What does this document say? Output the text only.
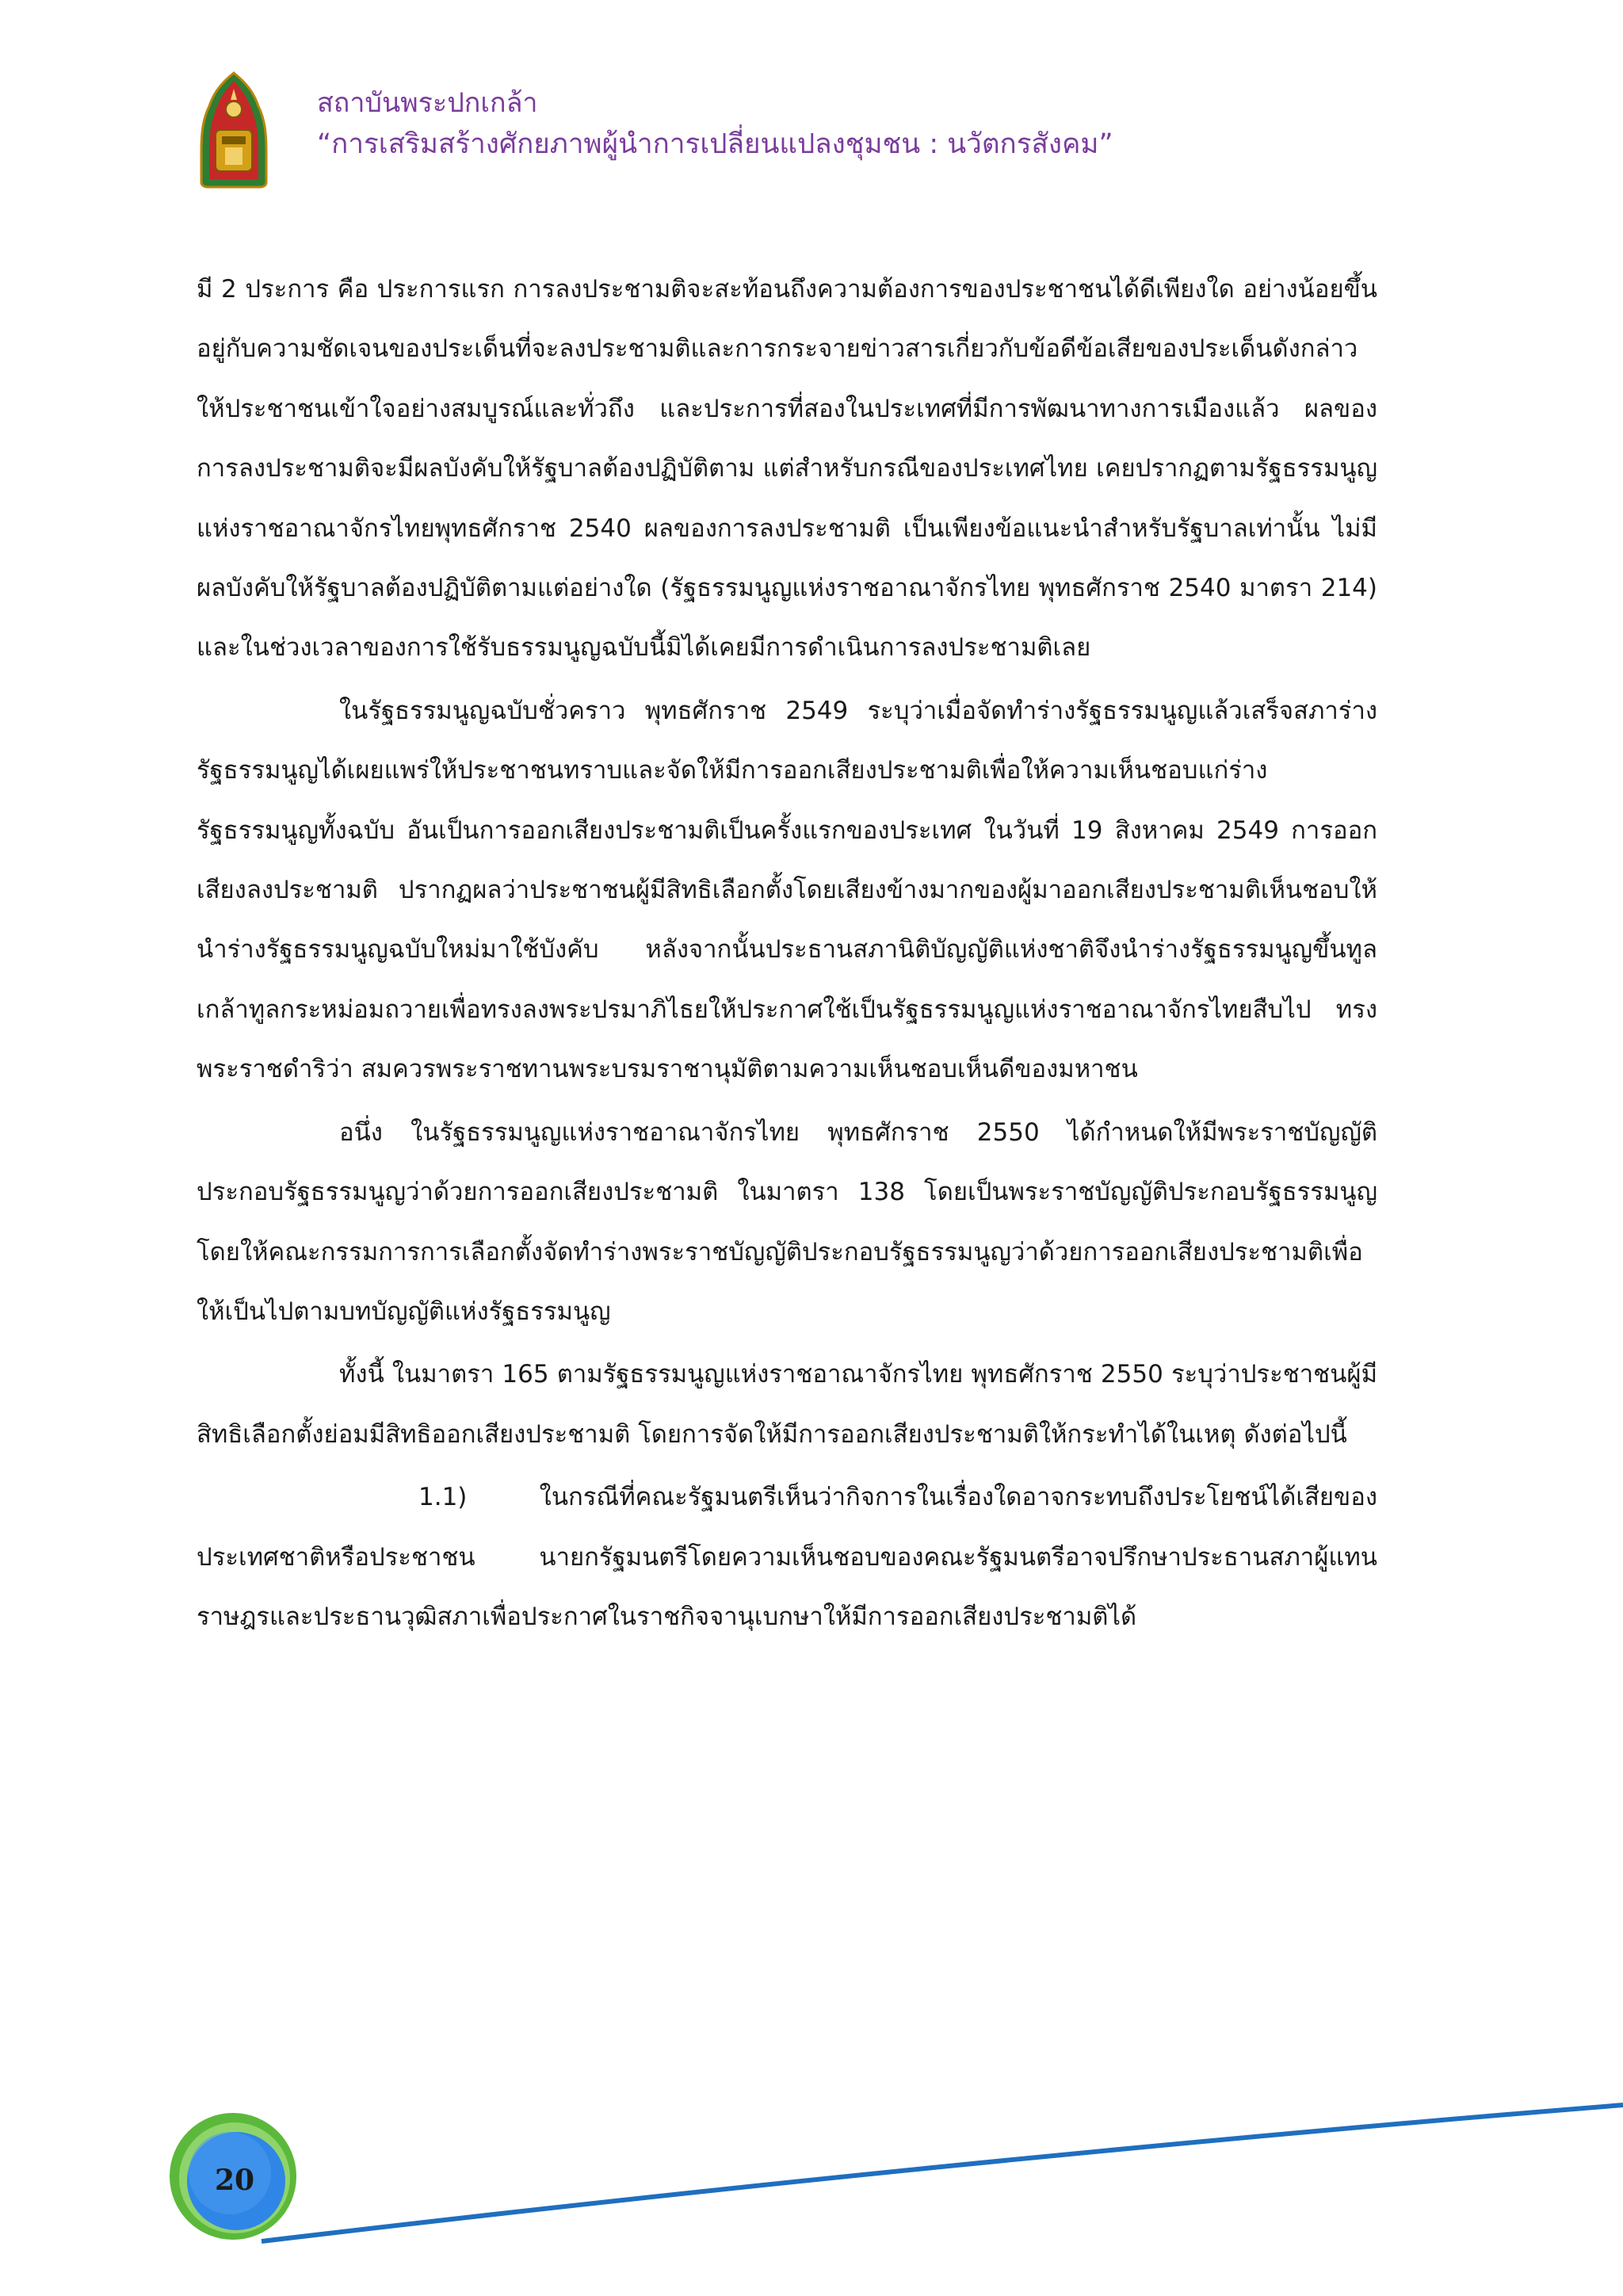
สถาบันพระปกเกล้า

“การเสริมสร้างศักยภาพผู้นำการเปลี่ยนแปลงชุมชน : นวัตกรสังคม”

มี 2 ประการ คือ ประการแรก การลงประชามติจะสะท้อนถึงความต้องการของประชาชนได้ดีเพียงใด อย่างน้อยขึ้นอยู่กับความชัดเจนของประเด็นที่จะลงประชามติและการกระจายข่าวสารเกี่ยวกับข้อดีข้อเสียของประเด็นดังกล่าวให้ประชาชนเข้าใจอย่างสมบูรณ์และทั่วถึง และประการที่สองในประเทศที่มีการพัฒนาทางการเมืองแล้ว ผลของการลงประชามติจะมีผลบังคับให้รัฐบาลต้องปฏิบัติตาม แต่สำหรับกรณีของประเทศไทย เคยปรากฏตามรัฐธรรมนูญแห่งราชอาณาจักรไทยพุทธศักราช 2540 ผลของการลงประชามติ เป็นเพียงข้อแนะนำสำหรับรัฐบาลเท่านั้น ไม่มีผลบังคับให้รัฐบาลต้องปฏิบัติตามแต่อย่างใด (รัฐธรรมนูญแห่งราชอาณาจักรไทย พุทธศักราช 2540 มาตรา 214) และในช่วงเวลาของการใช้รับธรรมนูญฉบับนี้มิได้เคยมีการดำเนินการลงประชามติเลย

ในรัฐธรรมนูญฉบับชั่วคราว พุทธศักราช 2549 ระบุว่าเมื่อจัดทำร่างรัฐธรรมนูญแล้วเสร็จสภาร่างรัฐธรรมนูญได้เผยแพร่ให้ประชาชนทราบและจัดให้มีการออกเสียงประชามติเพื่อให้ความเห็นชอบแก่ร่างรัฐธรรมนูญทั้งฉบับ อันเป็นการออกเสียงประชามติเป็นครั้งแรกของประเทศ ในวันที่ 19 สิงหาคม 2549 การออกเสียงลงประชามติ ปรากฏผลว่าประชาชนผู้มีสิทธิเลือกตั้งโดยเสียงข้างมากของผู้มาออกเสียงประชามติเห็นชอบให้นำร่างรัฐธรรมนูญฉบับใหม่มาใช้บังคับ หลังจากนั้นประธานสภานิติบัญญัติแห่งชาติจึงนำร่างรัฐธรรมนูญขึ้นทูลเกล้าทูลกระหม่อมถวายเพื่อทรงลงพระปรมาภิไธยให้ประกาศใช้เป็นรัฐธรรมนูญแห่งราชอาณาจักรไทยสืบไป ทรงพระราชดำริว่า สมควรพระราชทานพระบรมราชานุมัติตามความเห็นชอบเห็นดีของมหาชน

อนึ่ง ในรัฐธรรมนูญแห่งราชอาณาจักรไทย พุทธศักราช 2550 ได้กำหนดให้มีพระราชบัญญัติประกอบรัฐธรรมนูญว่าด้วยการออกเสียงประชามติ ในมาตรา 138 โดยเป็นพระราชบัญญัติประกอบรัฐธรรมนูญ โดยให้คณะกรรมการการเลือกตั้งจัดทำร่างพระราชบัญญัติประกอบรัฐธรรมนูญว่าด้วยการออกเสียงประชามติเพื่อให้เป็นไปตามบทบัญญัติแห่งรัฐธรรมนูญ

ทั้งนี้ ในมาตรา 165 ตามรัฐธรรมนูญแห่งราชอาณาจักรไทย พุทธศักราช 2550 ระบุว่าประชาชนผู้มีสิทธิเลือกตั้งย่อมมีสิทธิออกเสียงประชามติ โดยการจัดให้มีการออกเสียงประชามติให้กระทำได้ในเหตุ ดังต่อไปนี้

1.1) ในกรณีที่คณะรัฐมนตรีเห็นว่ากิจการในเรื่องใดอาจกระทบถึงประโยชน์ได้เสียของประเทศชาติหรือประชาชน นายกรัฐมนตรีโดยความเห็นชอบของคณะรัฐมนตรีอาจปรึกษาประธานสภาผู้แทนราษฎรและประธานวุฒิสภาเพื่อประกาศในราชกิจจานุเบกษาให้มีการออกเสียงประชามติได้

20
